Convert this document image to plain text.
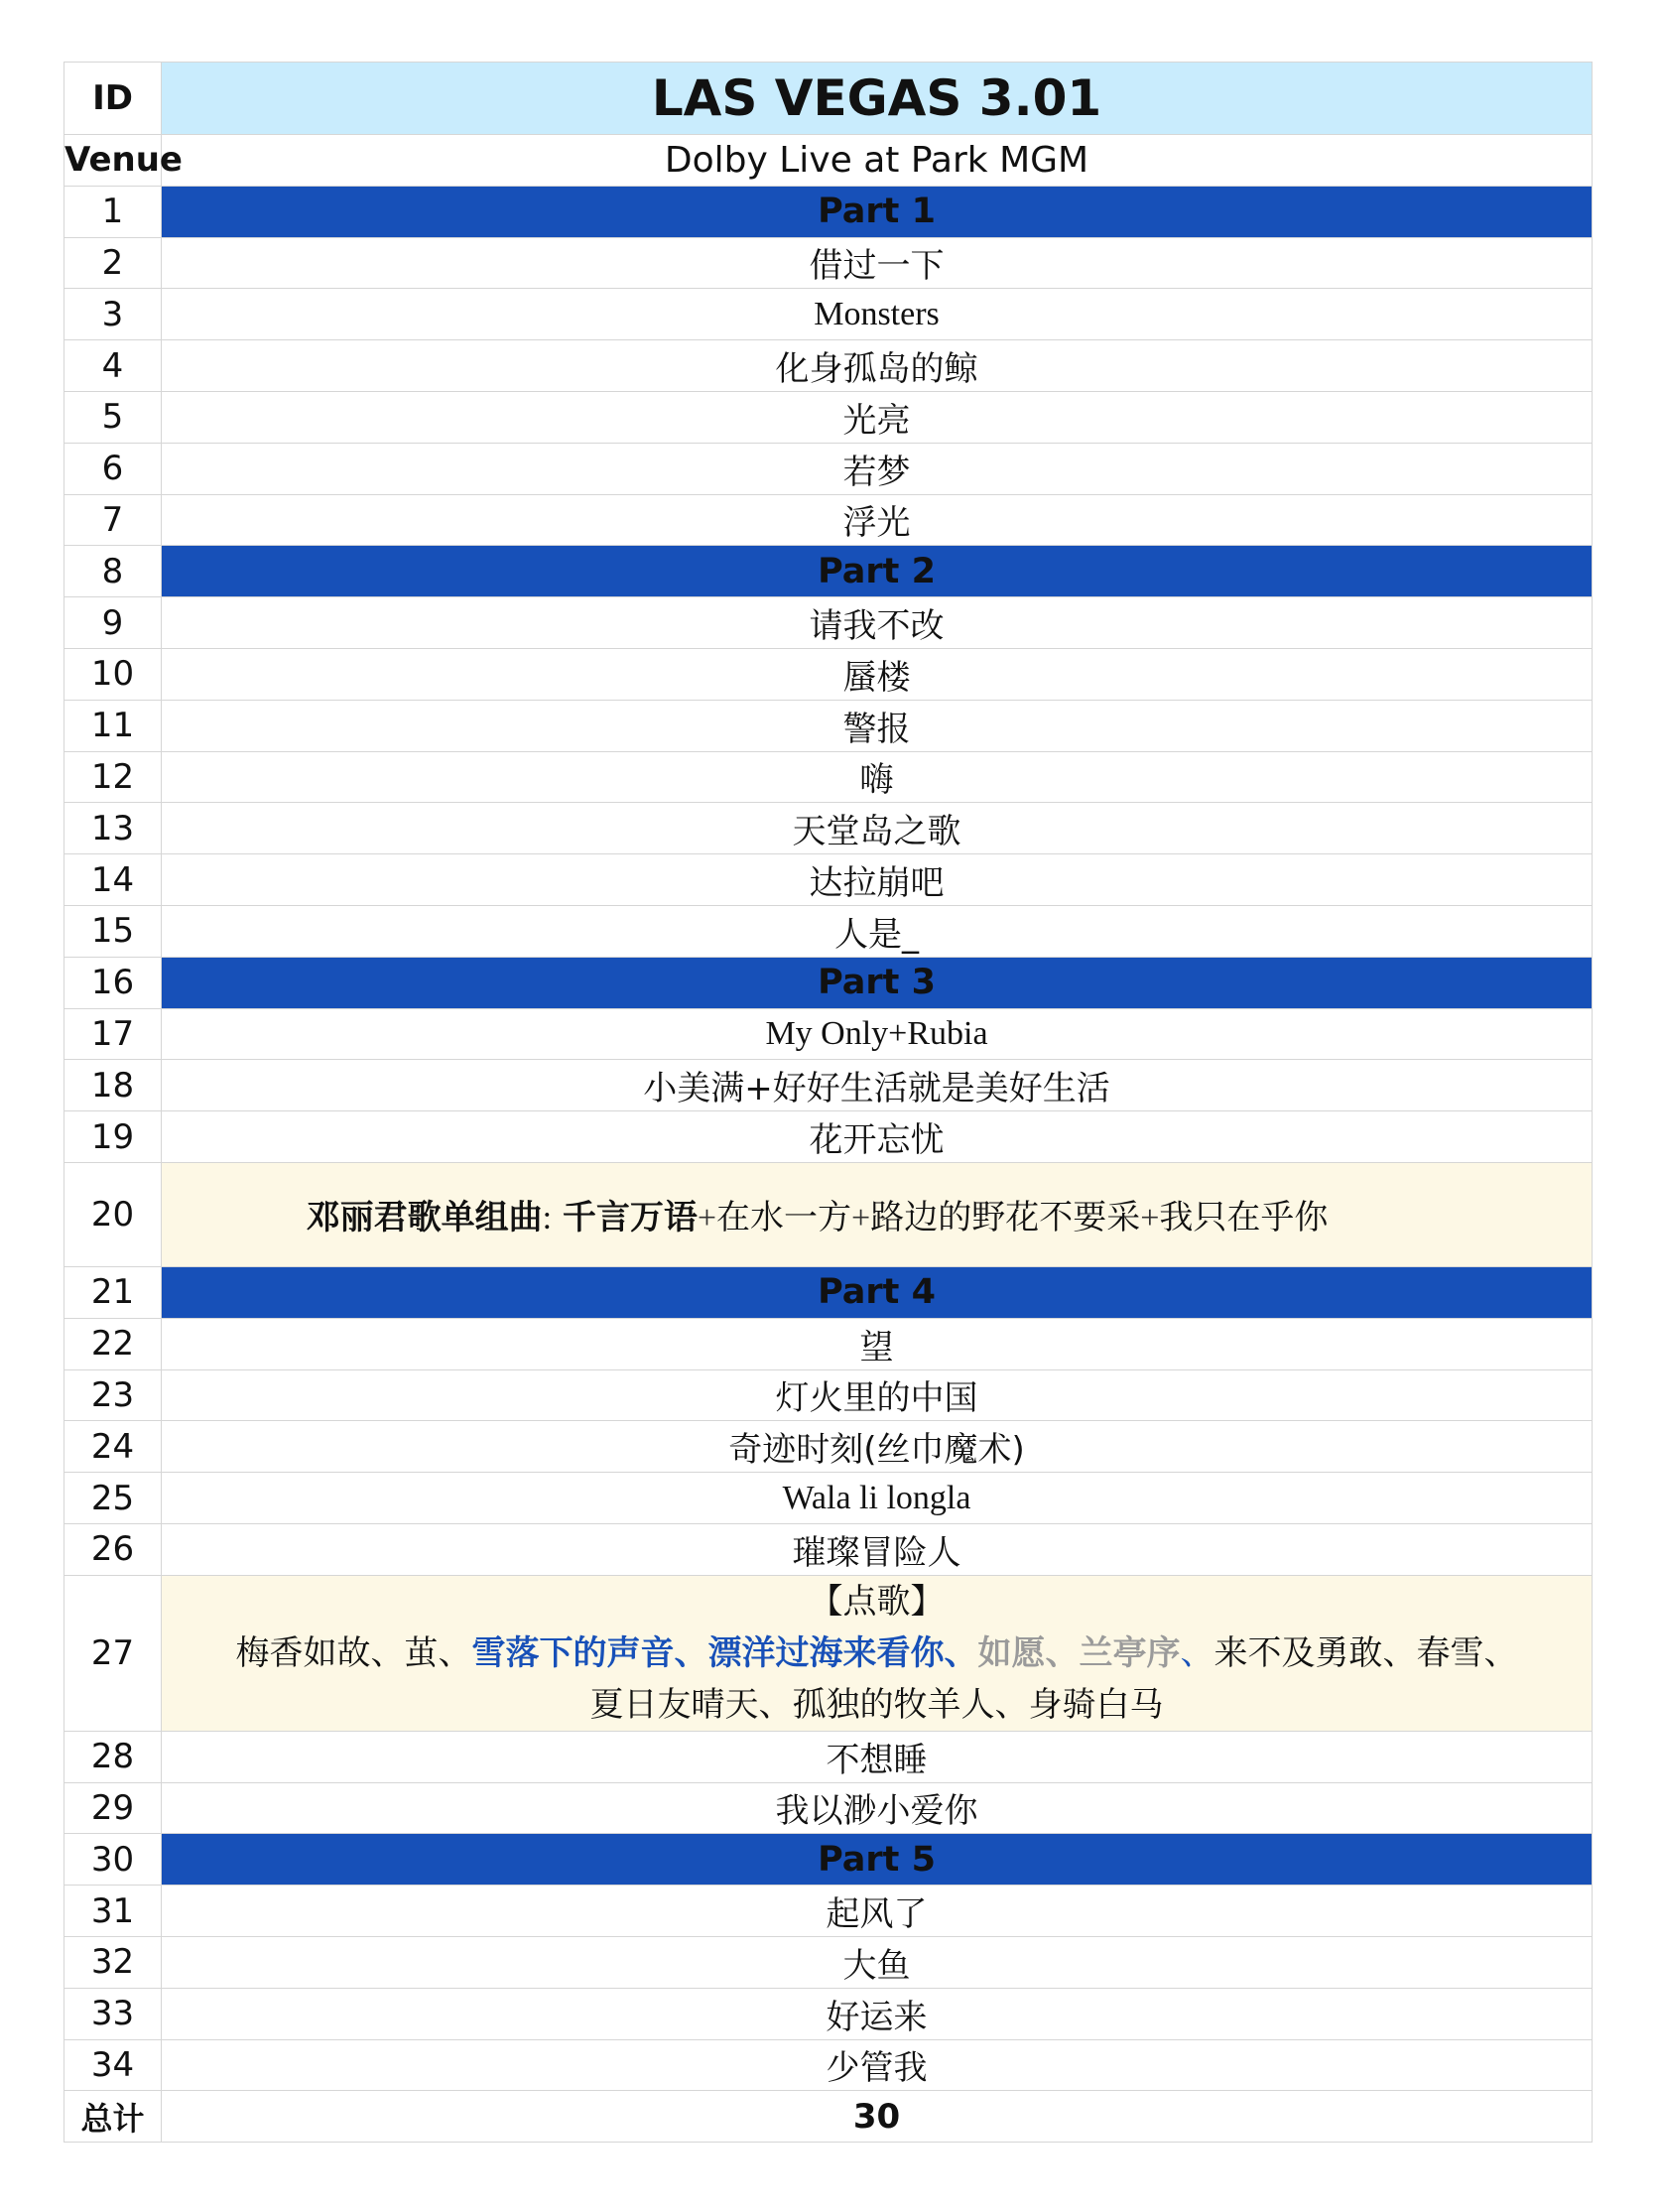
ID	LAS VEGAS 3.01
Venue	Dolby Live at Park MGM
1	Part 1
2	借过一下
3	Monsters
4	化身孤岛的鲸
5	光亮
6	若梦
7	浮光
8	Part 2
9	请我不改
10	蜃楼
11	警报
12	嗨
13	天堂岛之歌
14	达拉崩吧
15	人是_
16	Part 3
17	My Only+Rubia
18	小美满+好好生活就是美好生活
19	花开忘忧
20	邓丽君歌单组曲: 千言万语+在水一方+路边的野花不要采+我只在乎你

21	Part 4
22	望
23	灯火里的中国
24	奇迹时刻(丝巾魔术)
25	Wala li longla
26	璀璨冒险人
27	【点歌】
梅香如故、茧、雪落下的声音、漂洋过海来看你、如愿、兰亭序、来不及勇敢、春雪、
夏日友晴天、孤独的牧羊人、身骑白马

28	不想睡
29	我以渺小爱你
30	Part 5
31	起风了
32	大鱼
33	好运来
34	少管我
总计	30
